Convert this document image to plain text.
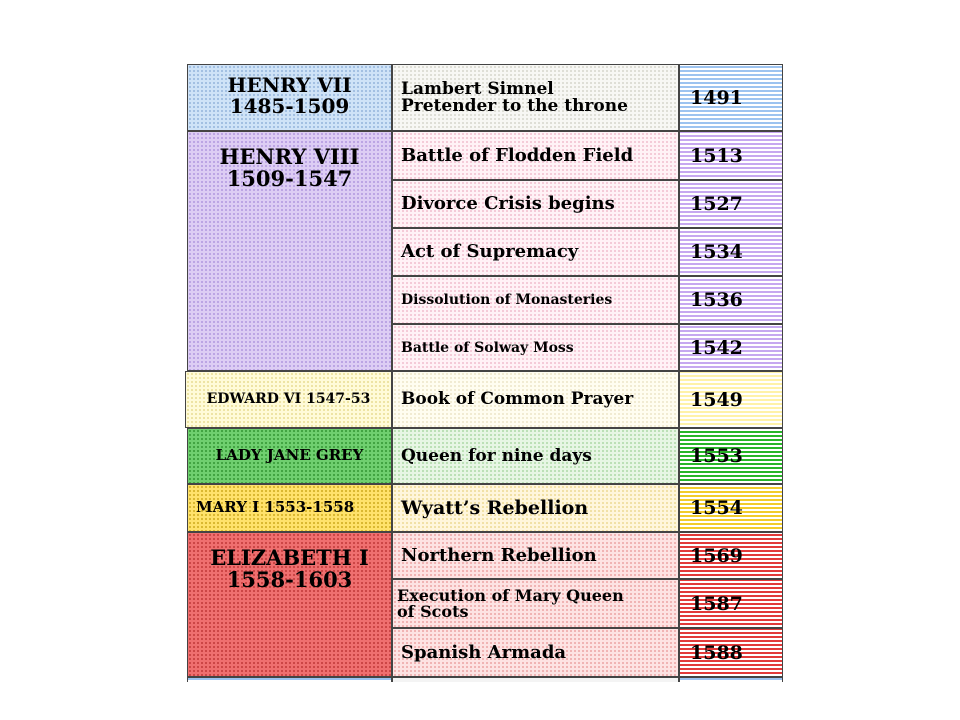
HENRY VII
1485-1509
HENRY VIII
1509-1547
EDWARD VI 1547-53
LADY JANE GREY
MARY I 1553-1558
ELIZABETH I
1558-1603
Lambert Simnel
Pretender to the throne
Battle of Flodden Field
Divorce Crisis begins
Act of Supremacy
Dissolution of Monasteries
Battle of Solway Moss
Book of Common Prayer
Queen for nine days
Wyatt’s Rebellion
Northern Rebellion
Execution of Mary Queen
of Scots
Spanish Armada
1491
1513
1527
1534
1536
1542
1549
1553
1554
1569
1587
1588
